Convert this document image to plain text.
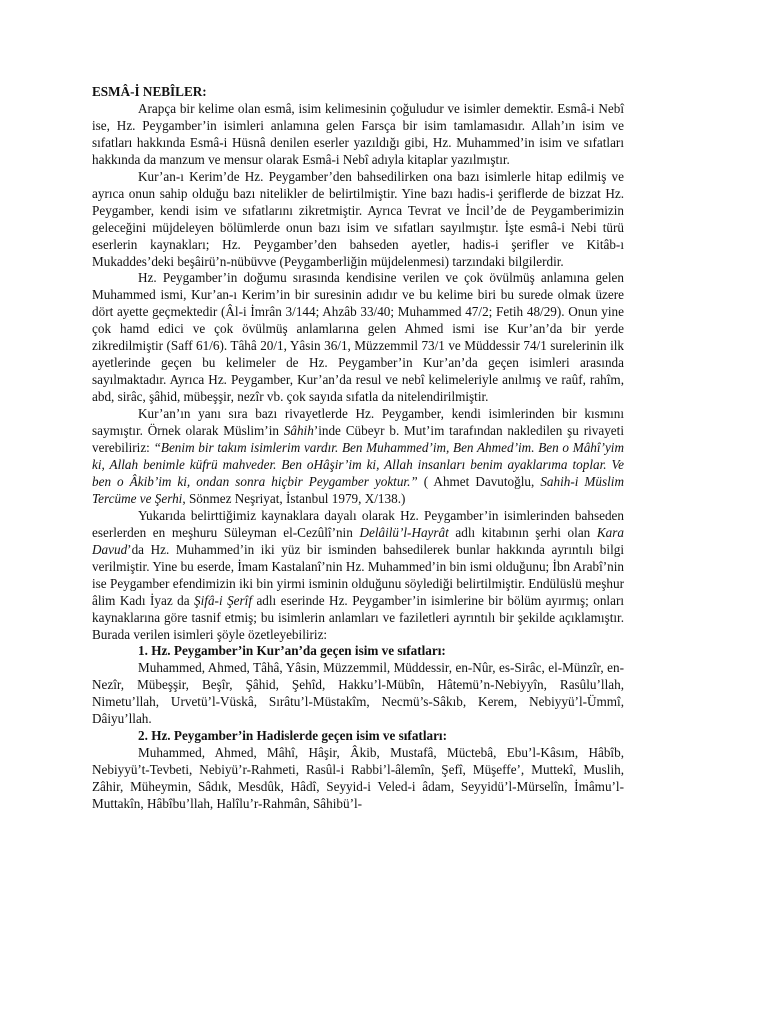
ESMÂ-İ NEBÎLER:

Arapça bir kelime olan esmâ, isim kelimesinin çoğuludur ve isimler demektir. Esmâ-i Nebî ise, Hz. Peygamber’in isimleri anlamına gelen Farsça bir isim tamlamasıdır. Allah’ın isim ve sıfatları hakkında Esmâ-i Hüsnâ denilen eserler yazıldığı gibi, Hz. Muhammed’in isim ve sıfatları hakkında da manzum ve mensur olarak Esmâ-i Nebî adıyla kitaplar yazılmıştır.

Kur’an-ı Kerim’de Hz. Peygamber’den bahsedilirken ona bazı isimlerle hitap edilmiş ve ayrıca onun sahip olduğu bazı nitelikler de belirtilmiştir. Yine bazı hadis-i şeriflerde de bizzat Hz. Peygamber, kendi isim ve sıfatlarını zikretmiştir. Ayrıca Tevrat ve İncil’de de Peygamberimizin geleceğini müjdeleyen bölümlerde onun bazı isim ve sıfatları sayılmıştır. İşte esmâ-i Nebi türü eserlerin kaynakları; Hz. Peygamber’den bahseden ayetler, hadis-i şerifler ve Kitâb-ı Mukaddes’deki beşâirü’n-nübüvve (Peygamberliğin müjdelenmesi) tarzındaki bilgilerdir.

Hz. Peygamber’in doğumu sırasında kendisine verilen ve çok övülmüş anlamına gelen Muhammed ismi, Kur’an-ı Kerim’in bir suresinin adıdır ve bu kelime biri bu surede olmak üzere dört ayette geçmektedir (Âl-i İmrân 3/144; Ahzâb 33/40; Muhammed 47/2; Fetih 48/29). Onun yine çok hamd edici ve çok övülmüş anlamlarına gelen Ahmed ismi ise Kur’an’da bir yerde zikredilmiştir (Saff 61/6). Tâhâ 20/1, Yâsin 36/1, Müzzemmil 73/1 ve Müddessir 74/1 surelerinin ilk ayetlerinde geçen bu kelimeler de Hz. Peygamber’in Kur’an’da geçen isimleri arasında sayılmaktadır. Ayrıca Hz. Peygamber, Kur’an’da resul ve nebî kelimeleriyle anılmış ve raûf, rahîm, abd, sirâc, şâhid, mübeşşir, nezîr vb. çok sayıda sıfatla da nitelendirilmiştir.

Kur’an’ın yanı sıra bazı rivayetlerde Hz. Peygamber, kendi isimlerinden bir kısmını saymıştır. Örnek olarak Müslim’in Sâhih’inde Cübeyr b. Mut’im tarafından nakledilen şu rivayeti verebiliriz: “Benim bir takım isimlerim vardır. Ben Muhammed’im, Ben Ahmed’im. Ben o Mâhî’yim ki, Allah benimle küfrü mahveder. Ben oHâşir’im ki, Allah insanları benim ayaklarıma toplar. Ve ben o Âkib’im ki, ondan sonra hiçbir Peygamber yoktur.” ( Ahmet Davutoğlu, Sahih-i Müslim Tercüme ve Şerhi, Sönmez Neşriyat, İstanbul 1979, X/138.)

Yukarıda belirttiğimiz kaynaklara dayalı olarak Hz. Peygamber’in isimlerinden bahseden eserlerden en meşhuru Süleyman el-Cezûlî’nin Delâilü’l-Hayrât adlı kitabının şerhi olan Kara Davud’da Hz. Muhammed’in iki yüz bir isminden bahsedilerek bunlar hakkında ayrıntılı bilgi verilmiştir. Yine bu eserde, İmam Kastalanî’nin Hz. Muhammed’in bin ismi olduğunu; İbn Arabî’nin ise Peygamber efendimizin iki bin yirmi isminin olduğunu söylediği belirtilmiştir. Endülüslü meşhur âlim Kadı İyaz da Şifâ-i Şerîf adlı eserinde Hz. Peygamber’in isimlerine bir bölüm ayırmış; onları kaynaklarına göre tasnif etmiş; bu isimlerin anlamları ve faziletleri ayrıntılı bir şekilde açıklamıştır. Burada verilen isimleri şöyle özetleyebiliriz:

1. Hz. Peygamber’in Kur’an’da geçen isim ve sıfatları:

Muhammed, Ahmed, Tâhâ, Yâsin, Müzzemmil, Müddessir, en-Nûr, es-Sirâc, el-Münzîr, en-Nezîr, Mübeşşir, Beşîr, Şâhid, Şehîd, Hakku’l-Mübîn, Hâtemü’n-Nebiyyîn, Rasûlu’llah, Nimetu’llah, Urvetü’l-Vüskâ, Sırâtu’l-Müstakîm, Necmü’s-Sâkıb, Kerem, Nebiyyü’l-Ümmî, Dâiyu’llah.

2. Hz. Peygamber’in Hadislerde geçen isim ve sıfatları:

Muhammed, Ahmed, Mâhî, Hâşir, Âkib, Mustafâ, Müctebâ, Ebu’l-Kâsım, Hâbîb, Nebiyyü’t-Tevbeti, Nebiyü’r-Rahmeti, Rasûl-i Rabbi’l-âlemîn, Şefî, Müşeffe’, Muttekî, Muslih, Zâhir, Müheymin, Sâdık, Mesdûk, Hâdî, Seyyid-i Veled-i âdam, Seyyidü’l-Mürselîn, İmâmu’l-Muttakîn, Hâbîbu’llah, Halîlu’r-Rahmân, Sâhibü’l-
